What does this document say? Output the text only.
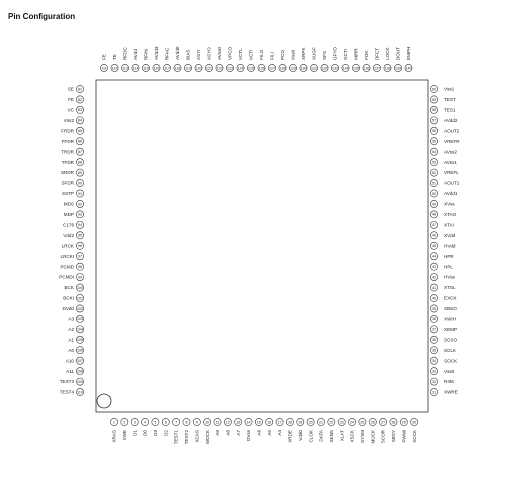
Pin Configuration
81
SE
82
FE
83
VC
84
Vss2
85
FRDR
86
FFDR
87
TRDR
88
TFDR
89
SRDR
90
SFDR
91
SSTP
92
MDS
93
MDP
94
C176
95
Vdd2
96
LRCK
97
LRCKI
98
PCMD
99
PCMDI
100
BCK
101
BCKI
102
DVdd
103
A3
104
A2
105
A1
106
A0
107
A10
108
A11
109
TEST3
110
TEST4
60 Vss1
59 TEST
58 TES1
57 AVdd2
56 AOUT2
55 VREFR
54 AVss2
53 AVss1
52 VREFL
51 AOUT1
50 AVdd1
49 XVss
48 XTAO
47 XTAI
46 XVdd
45 HVdd
44 HPR
43 HPL
42 HVss
41 XTSL
40 EXCK
39 SBSO
38 XWIH
37 XEMP
36 SCSO
35 SCLK
34 SOCK
33 Vss0
32 R4M
31 XWRE
111
FE
112
TE
113
RFDC
114
AVdd
115
RFIN
116
AVdd3
117
RFAC
118
AVdd0
119
BIAS
120
ASYI
121
ASYO
122
AVss0
123
VPCO
124
VCTL
125
VCTI
126
FILO
127
FILI
128
PCO
129
Vss0
130
XRPK
131
XUGF
132
SFS
133
GFYO
134
GCTI
135
MIRR
136
FOK
137
DFCT
138
LOCK
139
DOUT
140
EMPH
1
XRAS
2
XWE
3
D1
4
D0
5
D3
6
D2
7
TEST1
8
TEST2
9
XCAS
10
WDCK
11
A9
12
A8
13
A7
14
DVss
15
A6
16
A5
17
A4
18
XRDE
19
Vdd0
20
CLOK
21
DATA
22
SENS
23
XLAT
24
XSCK
25
SYSM
26
MUCK
27
SCOR
28
SBSY
29
PWMI
30
XCCK
